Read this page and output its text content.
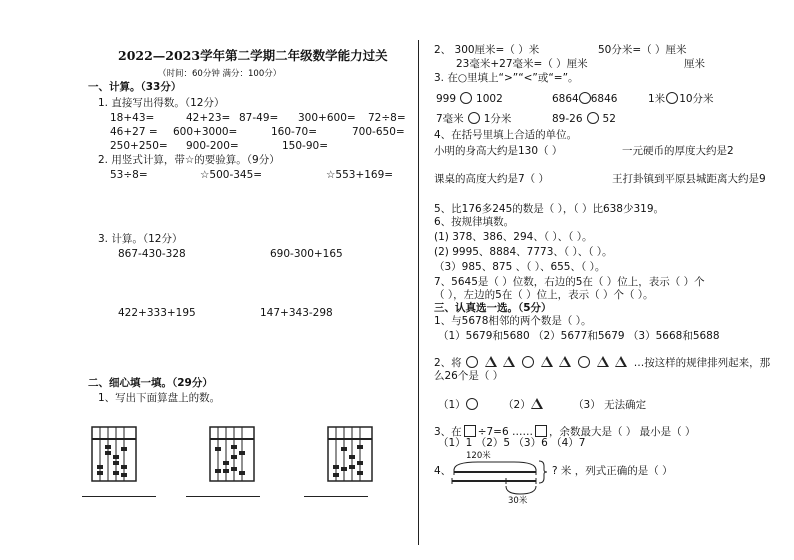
2022—2023学年第二学期二年级数学能力过关
（时间：60分钟 满分：100分）
一、计算。（33分）
1. 直接写出得数。（12分）
18+43=	42+23= 87-49= 300+600= 72÷8=
46+27 = 600+3000=	160-70=	700-650=
250+250= 900-200=	150-90=
2. 用竖式计算，带☆的要验算。（9分）
53÷8=	☆500-345=	☆553+169=
3. 计算。（12分）
867-430-328	690-300+165
422+333+195	147+343-298
二、细心填一填。（29分）
1、写出下面算盘上的数。
2、 300厘米=（ ）米	50分米=（ ）厘米
23毫米+27毫米=（ ）厘米	厘米
3. 在○里填上“>”“<”或“=”。
999 1002	6864 6846	1米 10分米
7毫米 1分米	89-26 52
4、在括号里填上合适的单位。
小明的身高大约是130（ ）	一元硬币的厚度大约是2
课桌的高度大约是7（ ）	王打卦镇到平原县城距离大约是9
5、比176多245的数是（ ），（ ）比638少319。
6、按规律填数。
(1) 378、386、294、（ ）、（ ）。
(2) 9995、8884、7773、（ ）、（ ）。
（3）985、875 、（ ）、655、（ ）。
7、5645是（ ）位数，右边的5在（ ）位上，表示（ ）个
（ ），左边的5在（ ）位上，表示（ ）个（ ）。
三、认真选一选。（5分）
1、与5678相邻的两个数是（ ）。
（1）5679和5680 （2）5677和5679 （3）5668和5688
2、将	…按这样的规律排列起来，那
么26个是（ ）
（1）	（2）	（3） 无法确定
3、在 ÷7=6 …… ，余数最大是（ ） 最小是（ ）
（1）1 （2）5 （3）6 （4）7
4、
120米
? 米 ，列式正确的是（ ）
30米
